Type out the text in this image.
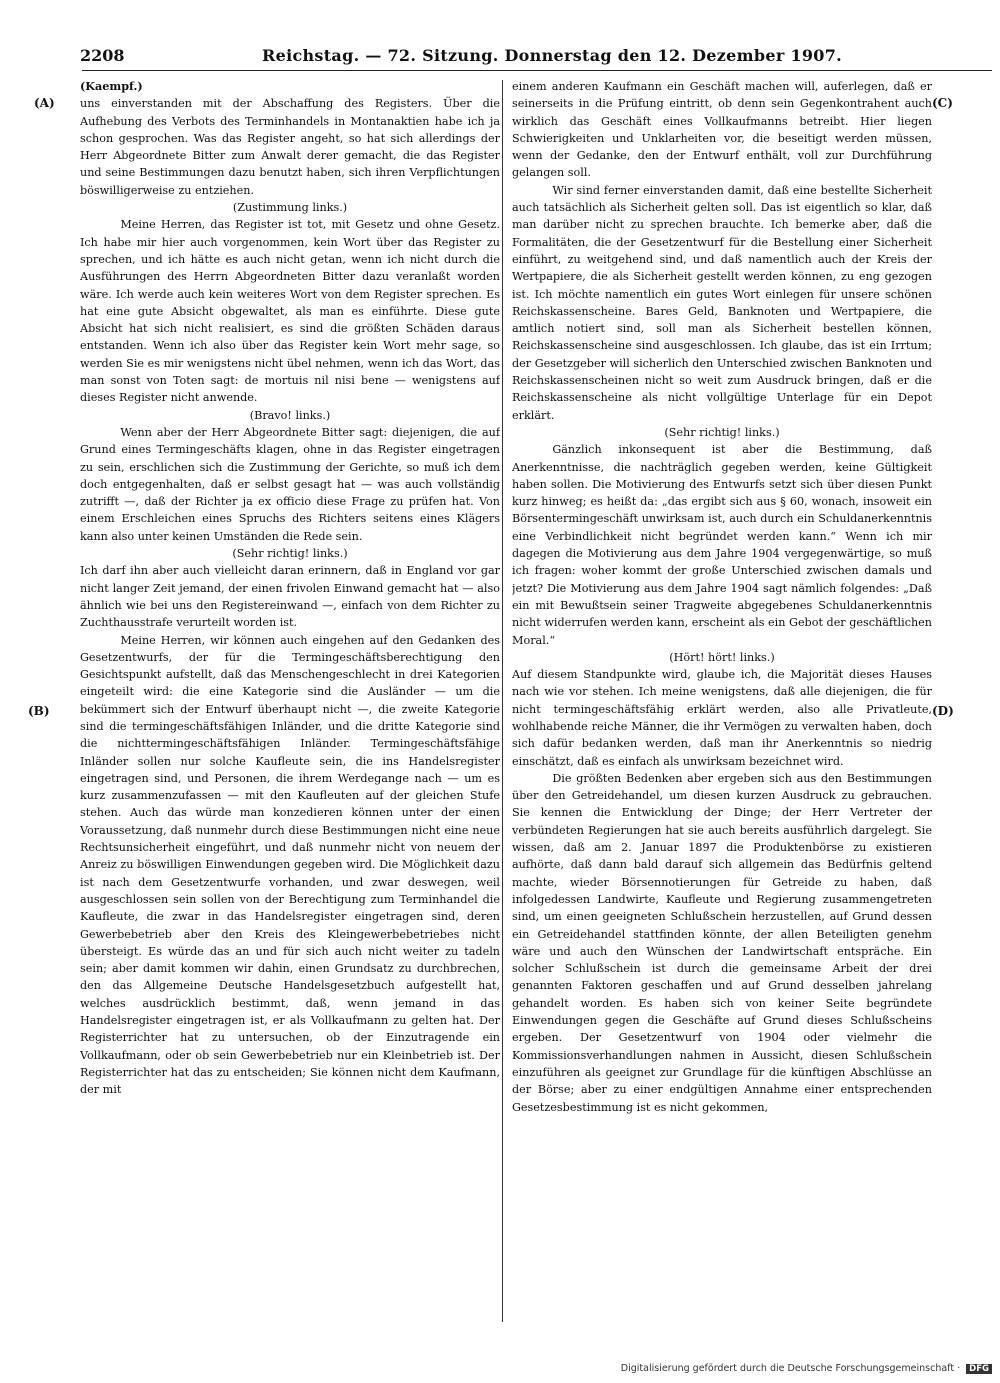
2208	Reichstag. — 72. Sitzung. Donnerstag den 12. Dezember 1907.
(A)
(B)
(C)
(D)

(Kaempf.)

uns einverstanden mit der Abschaffung des Registers. Über die Aufhebung des Verbots des Terminhandels in Montanaktien habe ich ja schon gesprochen. Was das Register angeht, so hat sich allerdings der Herr Abgeordnete Bitter zum Anwalt derer gemacht, die das Register und seine Bestimmungen dazu benutzt haben, sich ihren Verpflichtungen böswilligerweise zu entziehen.

(Zustimmung links.)

Meine Herren, das Register ist tot, mit Gesetz und ohne Gesetz. Ich habe mir hier auch vorgenommen, kein Wort über das Register zu sprechen, und ich hätte es auch nicht getan, wenn ich nicht durch die Ausführungen des Herrn Abgeordneten Bitter dazu veranlaßt worden wäre. Ich werde auch kein weiteres Wort von dem Register sprechen. Es hat eine gute Absicht obgewaltet, als man es einführte. Diese gute Absicht hat sich nicht realisiert, es sind die größten Schäden daraus entstanden. Wenn ich also über das Register kein Wort mehr sage, so werden Sie es mir wenigstens nicht übel nehmen, wenn ich das Wort, das man sonst von Toten sagt: de mortuis nil nisi bene — wenigstens auf dieses Register nicht anwende.

(Bravo! links.)

Wenn aber der Herr Abgeordnete Bitter sagt: diejenigen, die auf Grund eines Termingeschäfts klagen, ohne in das Register eingetragen zu sein, erschlichen sich die Zustimmung der Gerichte, so muß ich dem doch entgegenhalten, daß er selbst gesagt hat — was auch vollständig zutrifft —, daß der Richter ja ex officio diese Frage zu prüfen hat. Von einem Erschleichen eines Spruchs des Richters seitens eines Klägers kann also unter keinen Umständen die Rede sein.

(Sehr richtig! links.)

Ich darf ihn aber auch vielleicht daran erinnern, daß in England vor gar nicht langer Zeit jemand, der einen frivolen Einwand gemacht hat — also ähnlich wie bei uns den Registereinwand —, einfach von dem Richter zu Zuchthausstrafe verurteilt worden ist.

Meine Herren, wir können auch eingehen auf den Gedanken des Gesetzentwurfs, der für die Termingeschäftsberechtigung den Gesichtspunkt aufstellt, daß das Menschengeschlecht in drei Kategorien eingeteilt wird: die eine Kategorie sind die Ausländer — um die bekümmert sich der Entwurf überhaupt nicht —, die zweite Kategorie sind die termingeschäftsfähigen Inländer, und die dritte Kategorie sind die nichttermingeschäftsfähigen Inländer. Termingeschäftsfähige Inländer sollen nur solche Kaufleute sein, die ins Handelsregister eingetragen sind, und Personen, die ihrem Werdegange nach — um es kurz zusammenzufassen — mit den Kaufleuten auf der gleichen Stufe stehen. Auch das würde man konzedieren können unter der einen Voraussetzung, daß nunmehr durch diese Bestimmungen nicht eine neue Rechtsunsicherheit eingeführt, und daß nunmehr nicht von neuem der Anreiz zu böswilligen Einwendungen gegeben wird. Die Möglichkeit dazu ist nach dem Gesetzentwurfe vorhanden, und zwar deswegen, weil ausgeschlossen sein sollen von der Berechtigung zum Terminhandel die Kaufleute, die zwar in das Handelsregister eingetragen sind, deren Gewerbebetrieb aber den Kreis des Kleingewerbebetriebes nicht übersteigt. Es würde das an und für sich auch nicht weiter zu tadeln sein; aber damit kommen wir dahin, einen Grundsatz zu durchbrechen, den das Allgemeine Deutsche Handelsgesetzbuch aufgestellt hat, welches ausdrücklich bestimmt, daß, wenn jemand in das Handelsregister eingetragen ist, er als Vollkaufmann zu gelten hat. Der Registerrichter hat zu untersuchen, ob der Einzutragende ein Vollkaufmann, oder ob sein Gewerbebetrieb nur ein Kleinbetrieb ist. Der Registerrichter hat das zu entscheiden; Sie können nicht dem Kaufmann, der mit

einem anderen Kaufmann ein Geschäft machen will, auferlegen, daß er seinerseits in die Prüfung eintritt, ob denn sein Gegenkontrahent auch wirklich das Geschäft eines Vollkaufmanns betreibt. Hier liegen Schwierigkeiten und Unklarheiten vor, die beseitigt werden müssen, wenn der Gedanke, den der Entwurf enthält, voll zur Durchführung gelangen soll.

Wir sind ferner einverstanden damit, daß eine bestellte Sicherheit auch tatsächlich als Sicherheit gelten soll. Das ist eigentlich so klar, daß man darüber nicht zu sprechen brauchte. Ich bemerke aber, daß die Formalitäten, die der Gesetzentwurf für die Bestellung einer Sicherheit einführt, zu weitgehend sind, und daß namentlich auch der Kreis der Wertpapiere, die als Sicherheit gestellt werden können, zu eng gezogen ist. Ich möchte namentlich ein gutes Wort einlegen für unsere schönen Reichskassenscheine. Bares Geld, Banknoten und Wertpapiere, die amtlich notiert sind, soll man als Sicherheit bestellen können, Reichskassenscheine sind ausgeschlossen. Ich glaube, das ist ein Irrtum; der Gesetzgeber will sicherlich den Unterschied zwischen Banknoten und Reichskassenscheinen nicht so weit zum Ausdruck bringen, daß er die Reichskassenscheine als nicht vollgültige Unterlage für ein Depot erklärt.

(Sehr richtig! links.)

Gänzlich inkonsequent ist aber die Bestimmung, daß Anerkenntnisse, die nachträglich gegeben werden, keine Gültigkeit haben sollen. Die Motivierung des Entwurfs setzt sich über diesen Punkt kurz hinweg; es heißt da: „das ergibt sich aus § 60, wonach, insoweit ein Börsentermingeschäft unwirksam ist, auch durch ein Schuldanerkenntnis eine Verbindlichkeit nicht begründet werden kann.“ Wenn ich mir dagegen die Motivierung aus dem Jahre 1904 vergegenwärtige, so muß ich fragen: woher kommt der große Unterschied zwischen damals und jetzt? Die Motivierung aus dem Jahre 1904 sagt nämlich folgendes: „Daß ein mit Bewußtsein seiner Tragweite abgegebenes Schuldanerkenntnis nicht widerrufen werden kann, erscheint als ein Gebot der geschäftlichen Moral.“

(Hört! hört! links.)

Auf diesem Standpunkte wird, glaube ich, die Majorität dieses Hauses nach wie vor stehen. Ich meine wenigstens, daß alle diejenigen, die für nicht termingeschäftsfähig erklärt werden, also alle Privatleute, wohlhabende reiche Männer, die ihr Vermögen zu verwalten haben, doch sich dafür bedanken werden, daß man ihr Anerkenntnis so niedrig einschätzt, daß es einfach als unwirksam bezeichnet wird.

Die größten Bedenken aber ergeben sich aus den Bestimmungen über den Getreidehandel, um diesen kurzen Ausdruck zu gebrauchen. Sie kennen die Entwicklung der Dinge; der Herr Vertreter der verbündeten Regierungen hat sie auch bereits ausführlich dargelegt. Sie wissen, daß am 2. Januar 1897 die Produktenbörse zu existieren aufhörte, daß dann bald darauf sich allgemein das Bedürfnis geltend machte, wieder Börsennotierungen für Getreide zu haben, daß infolgedessen Landwirte, Kaufleute und Regierung zusammengetreten sind, um einen geeigneten Schlußschein herzustellen, auf Grund dessen ein Getreidehandel stattfinden könnte, der allen Beteiligten genehm wäre und auch den Wünschen der Landwirtschaft entspräche. Ein solcher Schlußschein ist durch die gemeinsame Arbeit der drei genannten Faktoren geschaffen und auf Grund desselben jahrelang gehandelt worden. Es haben sich von keiner Seite begründete Einwendungen gegen die Geschäfte auf Grund dieses Schlußscheins ergeben. Der Gesetzentwurf von 1904 oder vielmehr die Kommissionsverhandlungen nahmen in Aussicht, diesen Schlußschein einzuführen als geeignet zur Grundlage für die künftigen Abschlüsse an der Börse; aber zu einer endgültigen Annahme einer entsprechenden Gesetzesbestimmung ist es nicht gekommen,

Digitalisierung gefördert durch die Deutsche Forschungsgemeinschaft · DFG
